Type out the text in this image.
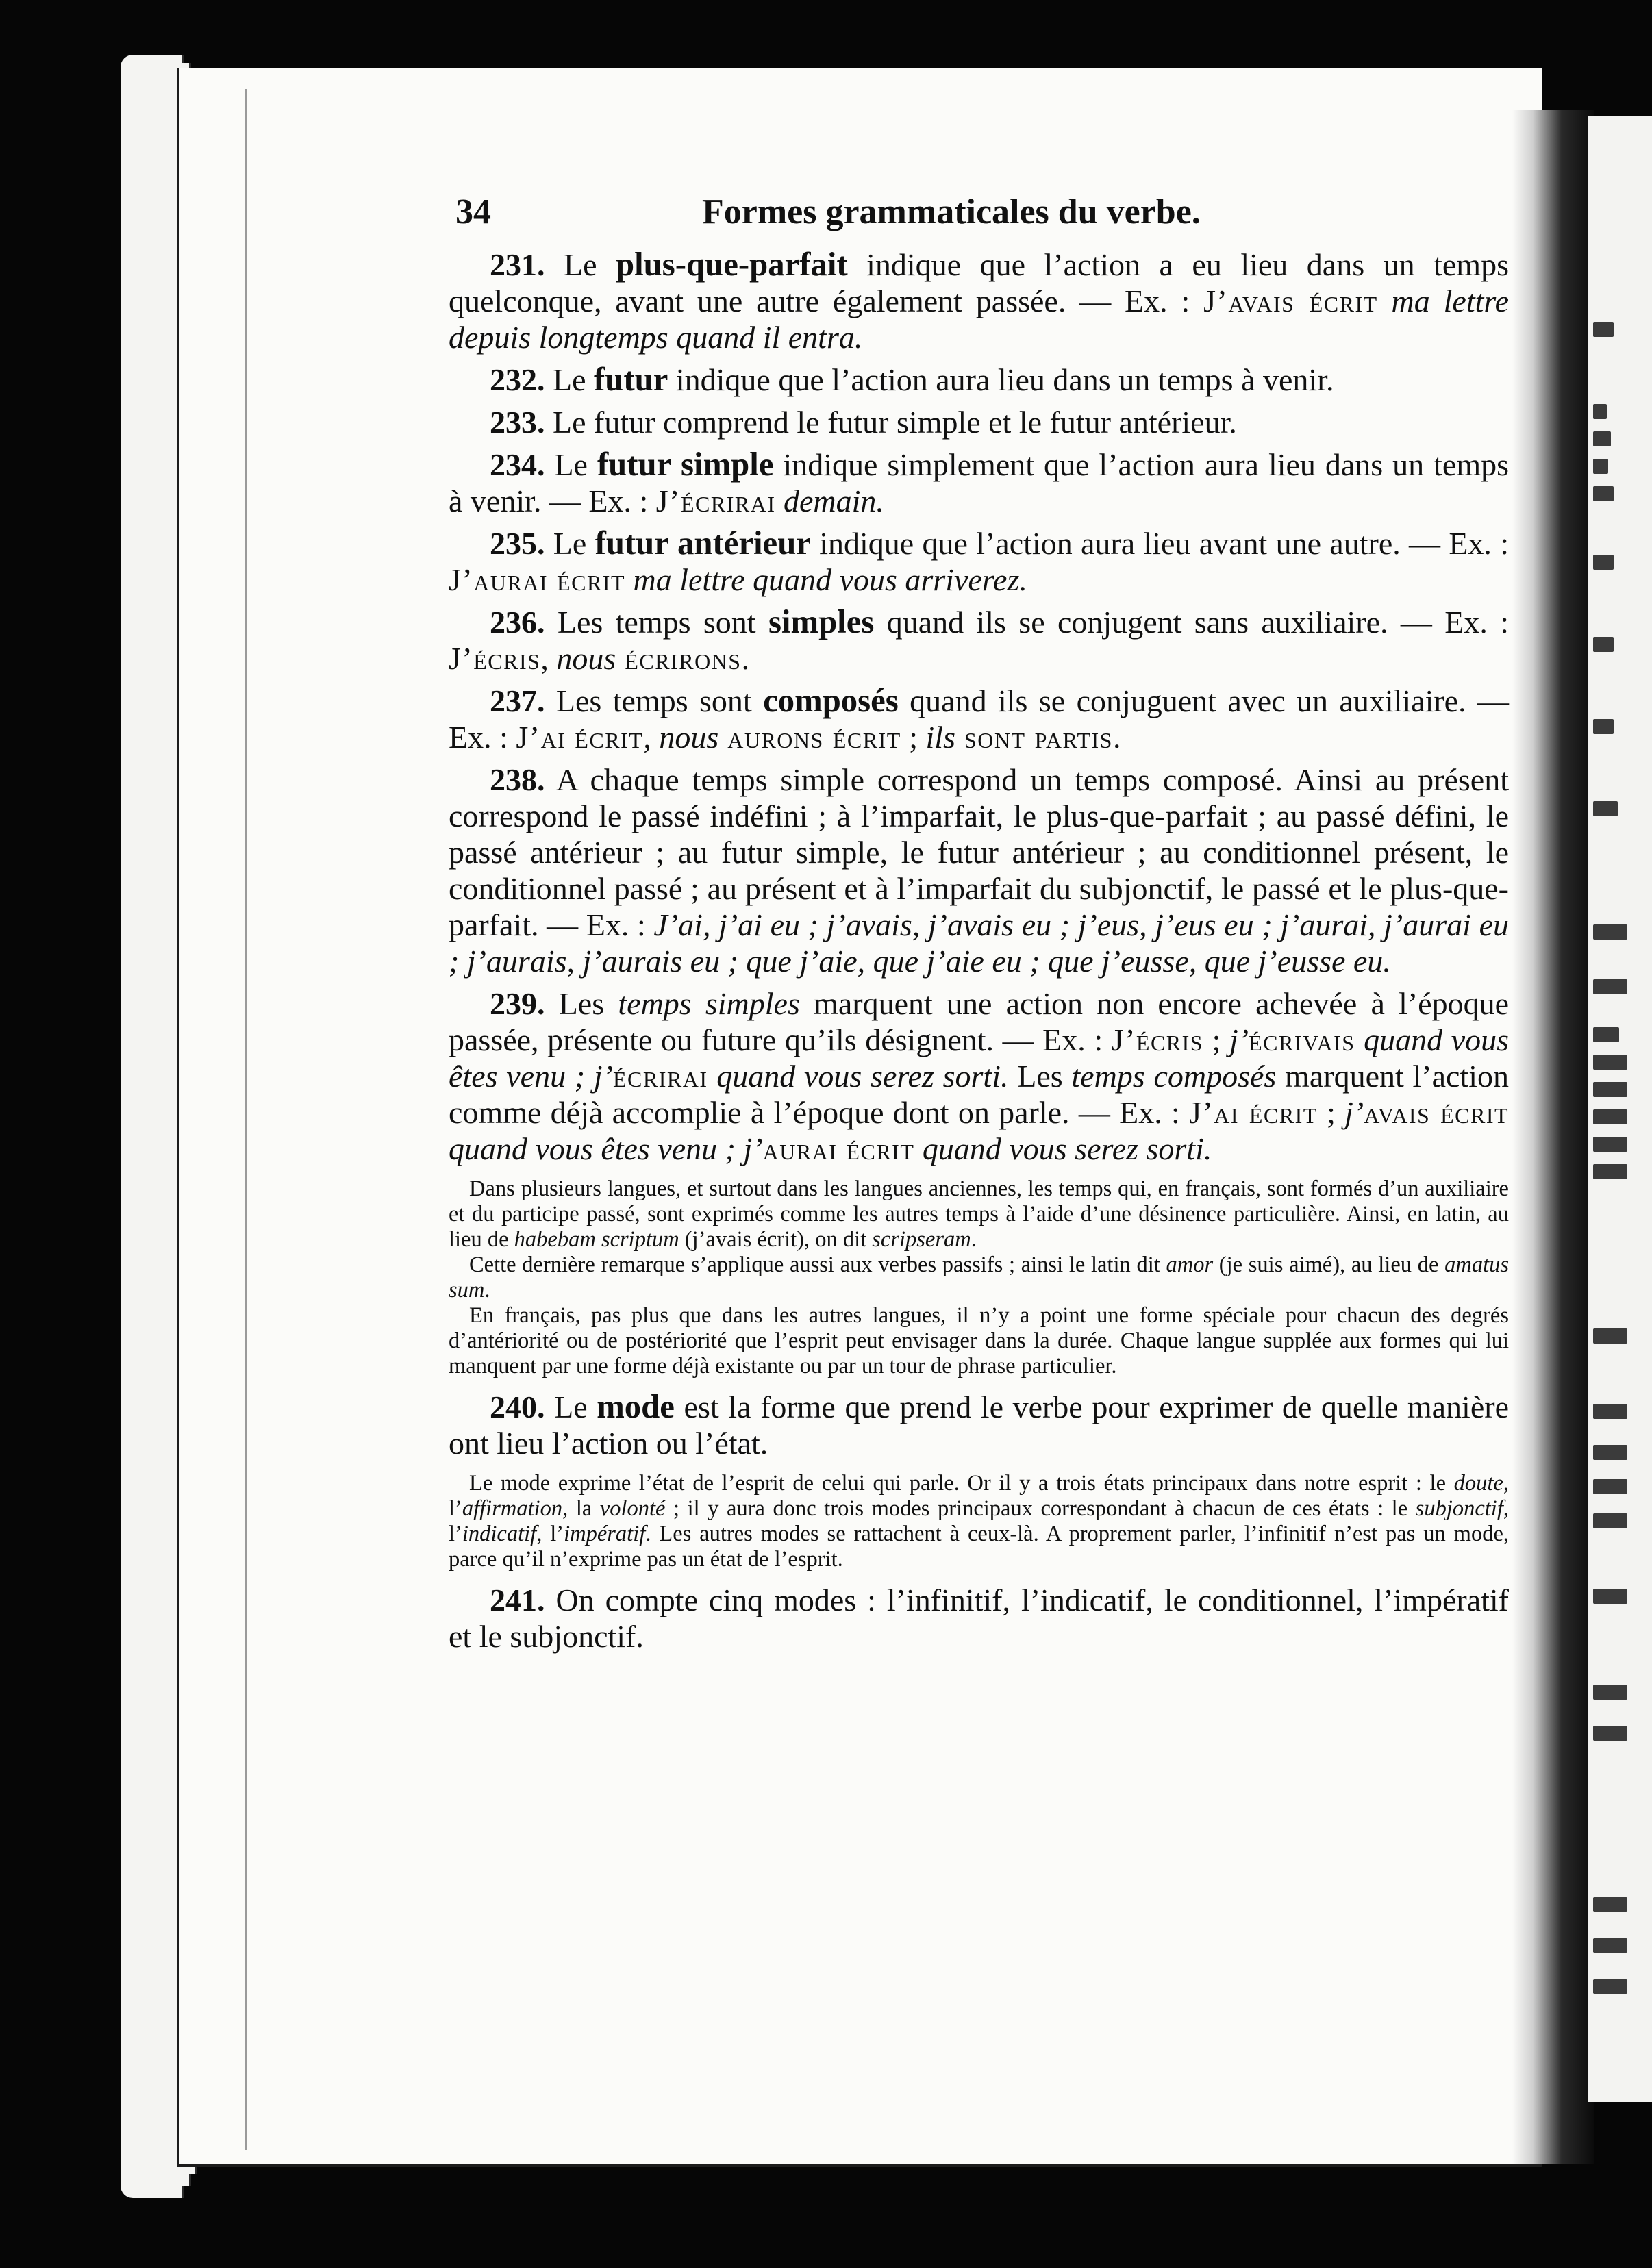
34	Formes grammaticales du verbe.

231. Le plus-que-parfait indique que l’action a eu lieu dans un temps quelconque, avant une autre également passée. — Ex. : J’avais écrit ma lettre depuis longtemps quand il entra.

232. Le futur indique que l’action aura lieu dans un temps à venir.

233. Le futur comprend le futur simple et le futur antérieur.

234. Le futur simple indique simplement que l’action aura lieu dans un temps à venir. — Ex. : J’écrirai demain.

235. Le futur antérieur indique que l’action aura lieu avant une autre. — Ex. : J’aurai écrit ma lettre quand vous arriverez.

236. Les temps sont simples quand ils se conjugent sans auxiliaire. — Ex. : J’écris, nous écrirons.

237. Les temps sont composés quand ils se conjuguent avec un auxiliaire. — Ex. : J’ai écrit, nous aurons écrit ; ils sont partis.

238. A chaque temps simple correspond un temps composé. Ainsi au présent correspond le passé indéfini ; à l’imparfait, le plus-que-parfait ; au passé défini, le passé antérieur ; au futur simple, le futur antérieur ; au conditionnel présent, le conditionnel passé ; au présent et à l’imparfait du subjonctif, le passé et le plus-que-parfait. — Ex. : J’ai, j’ai eu ; j’avais, j’avais eu ; j’eus, j’eus eu ; j’aurai, j’aurai eu ; j’aurais, j’aurais eu ; que j’aie, que j’aie eu ; que j’eusse, que j’eusse eu.

239. Les temps simples marquent une action non encore achevée à l’époque passée, présente ou future qu’ils désignent. — Ex. : J’écris ; j’écrivais quand vous êtes venu ; j’écrirai quand vous serez sorti. Les temps composés marquent l’action comme déjà accomplie à l’époque dont on parle. — Ex. : J’ai écrit ; j’avais écrit quand vous êtes venu ; j’aurai écrit quand vous serez sorti.

Dans plusieurs langues, et surtout dans les langues anciennes, les temps qui, en français, sont formés d’un auxiliaire et du participe passé, sont exprimés comme les autres temps à l’aide d’une désinence particulière. Ainsi, en latin, au lieu de habebam scriptum (j’avais écrit), on dit scripseram.

Cette dernière remarque s’applique aussi aux verbes passifs ; ainsi le latin dit amor (je suis aimé), au lieu de amatus sum.

En français, pas plus que dans les autres langues, il n’y a point une forme spéciale pour chacun des degrés d’antériorité ou de postériorité que l’esprit peut envisager dans la durée. Chaque langue supplée aux formes qui lui manquent par une forme déjà existante ou par un tour de phrase particulier.

240. Le mode est la forme que prend le verbe pour exprimer de quelle manière ont lieu l’action ou l’état.

Le mode exprime l’état de l’esprit de celui qui parle. Or il y a trois états principaux dans notre esprit : le doute, l’affirmation, la volonté ; il y aura donc trois modes principaux correspondant à chacun de ces états : le subjonctif, l’indicatif, l’impératif. Les autres modes se rattachent à ceux-là. A proprement parler, l’infinitif n’est pas un mode, parce qu’il n’exprime pas un état de l’esprit.

241. On compte cinq modes : l’infinitif, l’indicatif, le conditionnel, l’impératif et le subjonctif.
